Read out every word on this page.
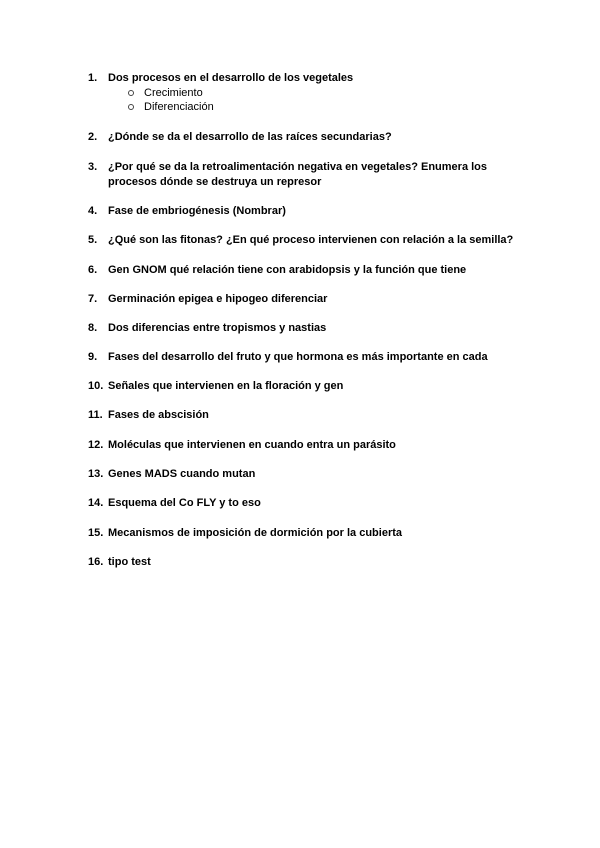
1. Dos procesos en el desarrollo de los vegetales
Crecimiento
Diferenciación
2. ¿Dónde se da el desarrollo de las raíces secundarias?
3. ¿Por qué se da la retroalimentación negativa en vegetales? Enumera los procesos dónde se destruya un represor
4. Fase de embriogénesis (Nombrar)
5. ¿Qué son las fitonas? ¿En qué proceso intervienen con relación a la semilla?
6. Gen GNOM qué relación tiene con arabidopsis y la función que tiene
7. Germinación epigea e hipogeo diferenciar
8. Dos diferencias entre tropismos y nastias
9. Fases del desarrollo del fruto y que hormona es más importante en cada
10. Señales que intervienen en la floración y gen
11. Fases de abscisión
12. Moléculas que intervienen en cuando entra un parásito
13. Genes MADS cuando mutan
14. Esquema del Co FLY y to eso
15. Mecanismos de imposición de dormición por la cubierta
16. tipo test
